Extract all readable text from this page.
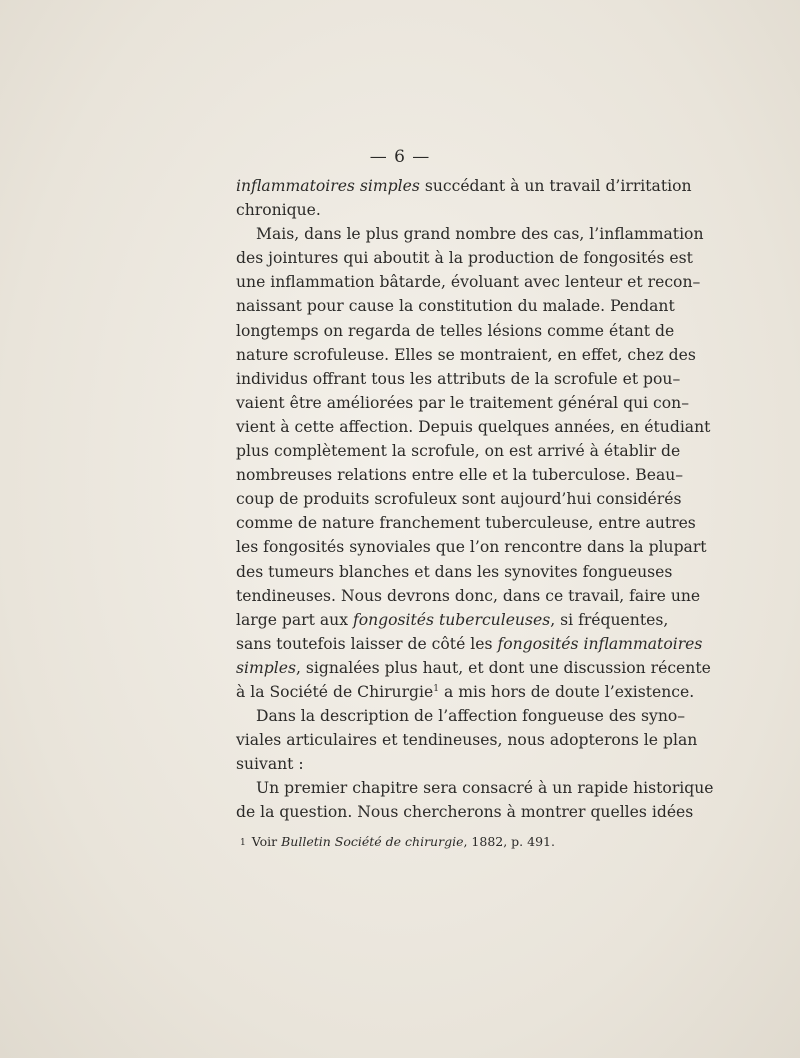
— 6 —
inflammatoires simples succédant à un travail d’irritation
chronique.
Mais, dans le plus grand nombre des cas, l’inflammation
des jointures qui aboutit à la production de fongosités est
une inflammation bâtarde, évoluant avec lenteur et recon–
naissant pour cause la constitution du malade. Pendant
longtemps on regarda de telles lésions comme étant de
nature scrofuleuse. Elles se montraient, en effet, chez des
individus offrant tous les attributs de la scrofule et pou–
vaient être améliorées par le traitement général qui con–
vient à cette affection. Depuis quelques années, en étudiant
plus complètement la scrofule, on est arrivé à établir de
nombreuses relations entre elle et la tuberculose. Beau–
coup de produits scrofuleux sont aujourd’hui considérés
comme de nature franchement tuberculeuse, entre autres
les fongosités synoviales que l’on rencontre dans la plupart
des tumeurs blanches et dans les synovites fongueuses
tendineuses. Nous devrons donc, dans ce travail, faire une
large part aux fongosités tuberculeuses, si fréquentes,
sans toutefois laisser de côté les fongosités inflammatoires
simples, signalées plus haut, et dont une discussion récente
à la Société de Chirurgie$^1$ a mis hors de doute l’existence.
Dans la description de l’affection fongueuse des syno–
viales articulaires et tendineuses, nous adopterons le plan
suivant :
Un premier chapitre sera consacré à un rapide historique
de la question. Nous chercherons à montrer quelles idées
1 Voir Bulletin Société de chirurgie, 1882, p. 491.
